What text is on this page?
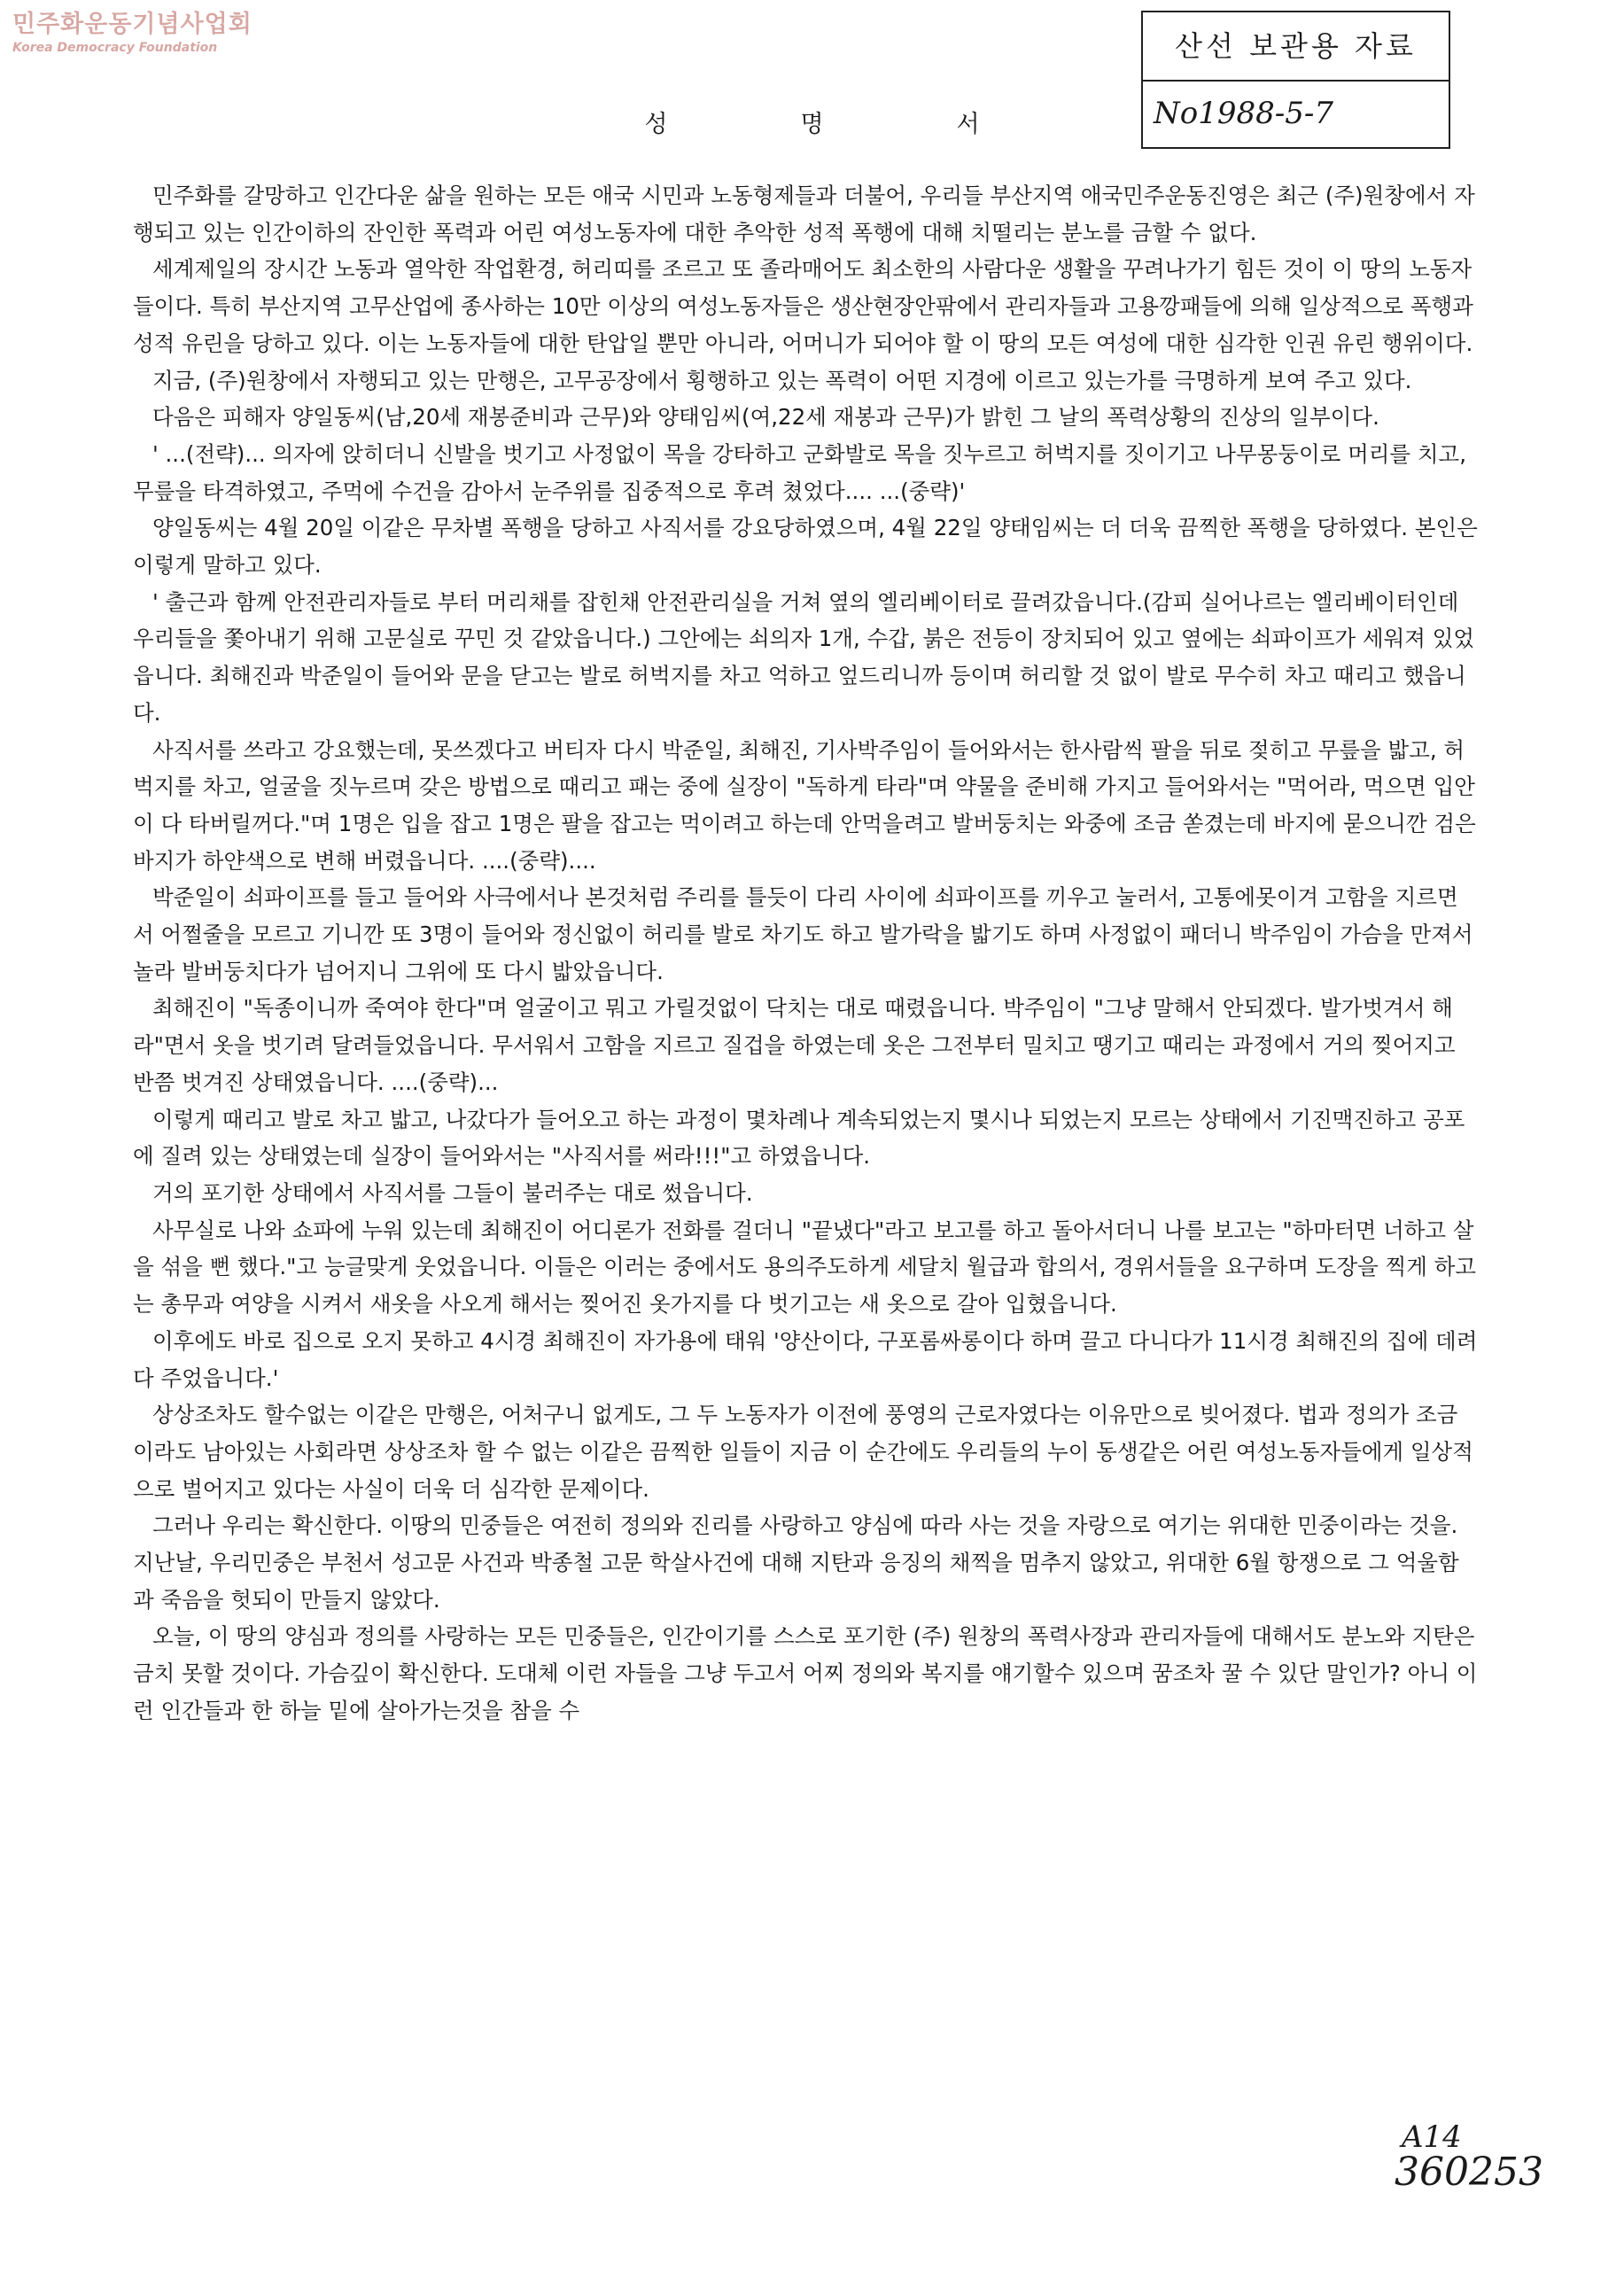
민주화운동기념사업회
Korea Democracy Foundation	산선 보관용 자료
No1988-5-7
성명서

민주화를 갈망하고 인간다운 삶을 원하는 모든 애국 시민과 노동형제들과 더불어, 우리들 부산지역 애국민주운동진영은 최근 (주)원창에서 자행되고 있는 인간이하의 잔인한 폭력과 어린 여성노동자에 대한 추악한 성적 폭행에 대해 치떨리는 분노를 금할 수 없다.

세계제일의 장시간 노동과 열악한 작업환경, 허리띠를 조르고 또 졸라매어도 최소한의 사람다운 생활을 꾸려나가기 힘든 것이 이 땅의 노동자들이다. 특히 부산지역 고무산업에 종사하는 10만 이상의 여성노동자들은 생산현장안팎에서 관리자들과 고용깡패들에 의해 일상적으로 폭행과 성적 유린을 당하고 있다. 이는 노동자들에 대한 탄압일 뿐만 아니라, 어머니가 되어야 할 이 땅의 모든 여성에 대한 심각한 인권 유린 행위이다.

지금, (주)원창에서 자행되고 있는 만행은, 고무공장에서 횡행하고 있는 폭력이 어떤 지경에 이르고 있는가를 극명하게 보여 주고 있다.

다음은 피해자 양일동씨(남,20세 재봉준비과 근무)와 양태임씨(여,22세 재봉과 근무)가 밝힌 그 날의 폭력상황의 진상의 일부이다.

' ...(전략)... 의자에 앉히더니 신발을 벗기고 사정없이 목을 강타하고 군화발로 목을 짓누르고 허벅지를 짓이기고 나무몽둥이로 머리를 치고, 무릎을 타격하였고, 주먹에 수건을 감아서 눈주위를 집중적으로 후려 쳤었다.... ...(중략)'

양일동씨는 4월 20일 이같은 무차별 폭행을 당하고 사직서를 강요당하였으며, 4월 22일 양태임씨는 더 더욱 끔찍한 폭행을 당하였다. 본인은 이렇게 말하고 있다.

' 출근과 함께 안전관리자들로 부터 머리채를 잡힌채 안전관리실을 거쳐 옆의 엘리베이터로 끌려갔읍니다.(감피 실어나르는 엘리베이터인데 우리들을 쫓아내기 위해 고문실로 꾸민 것 같았읍니다.) 그안에는 쇠의자 1개, 수갑, 붉은 전등이 장치되어 있고 옆에는 쇠파이프가 세워져 있었읍니다. 최해진과 박준일이 들어와 문을 닫고는 발로 허벅지를 차고 억하고 엎드리니까 등이며 허리할 것 없이 발로 무수히 차고 때리고 했읍니다.

사직서를 쓰라고 강요했는데, 못쓰겠다고 버티자 다시 박준일, 최해진, 기사박주임이 들어와서는 한사람씩 팔을 뒤로 젖히고 무릎을 밟고, 허벅지를 차고, 얼굴을 짓누르며 갖은 방법으로 때리고 패는 중에 실장이 "독하게 타라"며 약물을 준비해 가지고 들어와서는 "먹어라, 먹으면 입안이 다 타버릴꺼다."며 1명은 입을 잡고 1명은 팔을 잡고는 먹이려고 하는데 안먹을려고 발버둥치는 와중에 조금 쏟겼는데 바지에 묻으니깐 검은 바지가 하얀색으로 변해 버렸읍니다. ....(중략)....

박준일이 쇠파이프를 들고 들어와 사극에서나 본것처럼 주리를 틀듯이 다리 사이에 쇠파이프를 끼우고 눌러서, 고통에못이겨 고함을 지르면서 어쩔줄을 모르고 기니깐 또 3명이 들어와 정신없이 허리를 발로 차기도 하고 발가락을 밟기도 하며 사정없이 패더니 박주임이 가슴을 만져서 놀라 발버둥치다가 넘어지니 그위에 또 다시 밟았읍니다.

최해진이 "독종이니까 죽여야 한다"며 얼굴이고 뭐고 가릴것없이 닥치는 대로 때렸읍니다. 박주임이 "그냥 말해서 안되겠다. 발가벗겨서 해라"면서 옷을 벗기려 달려들었읍니다. 무서워서 고함을 지르고 질겁을 하였는데 옷은 그전부터 밀치고 땡기고 때리는 과정에서 거의 찢어지고 반쯤 벗겨진 상태였읍니다. ....(중략)...

이렇게 때리고 발로 차고 밟고, 나갔다가 들어오고 하는 과정이 몇차례나 계속되었는지 몇시나 되었는지 모르는 상태에서 기진맥진하고 공포에 질려 있는 상태였는데 실장이 들어와서는 "사직서를 써라!!!"고 하였읍니다.

거의 포기한 상태에서 사직서를 그들이 불러주는 대로 썼읍니다.

사무실로 나와 쇼파에 누워 있는데 최해진이 어디론가 전화를 걸더니 "끝냈다"라고 보고를 하고 돌아서더니 나를 보고는 "하마터면 너하고 살을 섞을 뻔 했다."고 능글맞게 웃었읍니다. 이들은 이러는 중에서도 용의주도하게 세달치 월급과 합의서, 경위서들을 요구하며 도장을 찍게 하고는 총무과 여양을 시켜서 새옷을 사오게 해서는 찢어진 옷가지를 다 벗기고는 새 옷으로 갈아 입혔읍니다.

이후에도 바로 집으로 오지 못하고 4시경 최해진이 자가용에 태워 '양산이다, 구포롬싸롱이다 하며 끌고 다니다가 11시경 최해진의 집에 데려다 주었읍니다.'

상상조차도 할수없는 이같은 만행은, 어처구니 없게도, 그 두 노동자가 이전에 풍영의 근로자였다는 이유만으로 빚어졌다. 법과 정의가 조금이라도 남아있는 사회라면 상상조차 할 수 없는 이같은 끔찍한 일들이 지금 이 순간에도 우리들의 누이 동생같은 어린 여성노동자들에게 일상적으로 벌어지고 있다는 사실이 더욱 더 심각한 문제이다.

그러나 우리는 확신한다. 이땅의 민중들은 여전히 정의와 진리를 사랑하고 양심에 따라 사는 것을 자랑으로 여기는 위대한 민중이라는 것을. 지난날, 우리민중은 부천서 성고문 사건과 박종철 고문 학살사건에 대해 지탄과 응징의 채찍을 멈추지 않았고, 위대한 6월 항쟁으로 그 억울함과 죽음을 헛되이 만들지 않았다.

오늘, 이 땅의 양심과 정의를 사랑하는 모든 민중들은, 인간이기를 스스로 포기한 (주) 원창의 폭력사장과 관리자들에 대해서도 분노와 지탄은 금치 못할 것이다. 가슴깊이 확신한다. 도대체 이런 자들을 그냥 두고서 어찌 정의와 복지를 얘기할수 있으며 꿈조차 꿀 수 있단 말인가? 아니 이런 인간들과 한 하늘 밑에 살아가는것을 참을 수

A14
360253
